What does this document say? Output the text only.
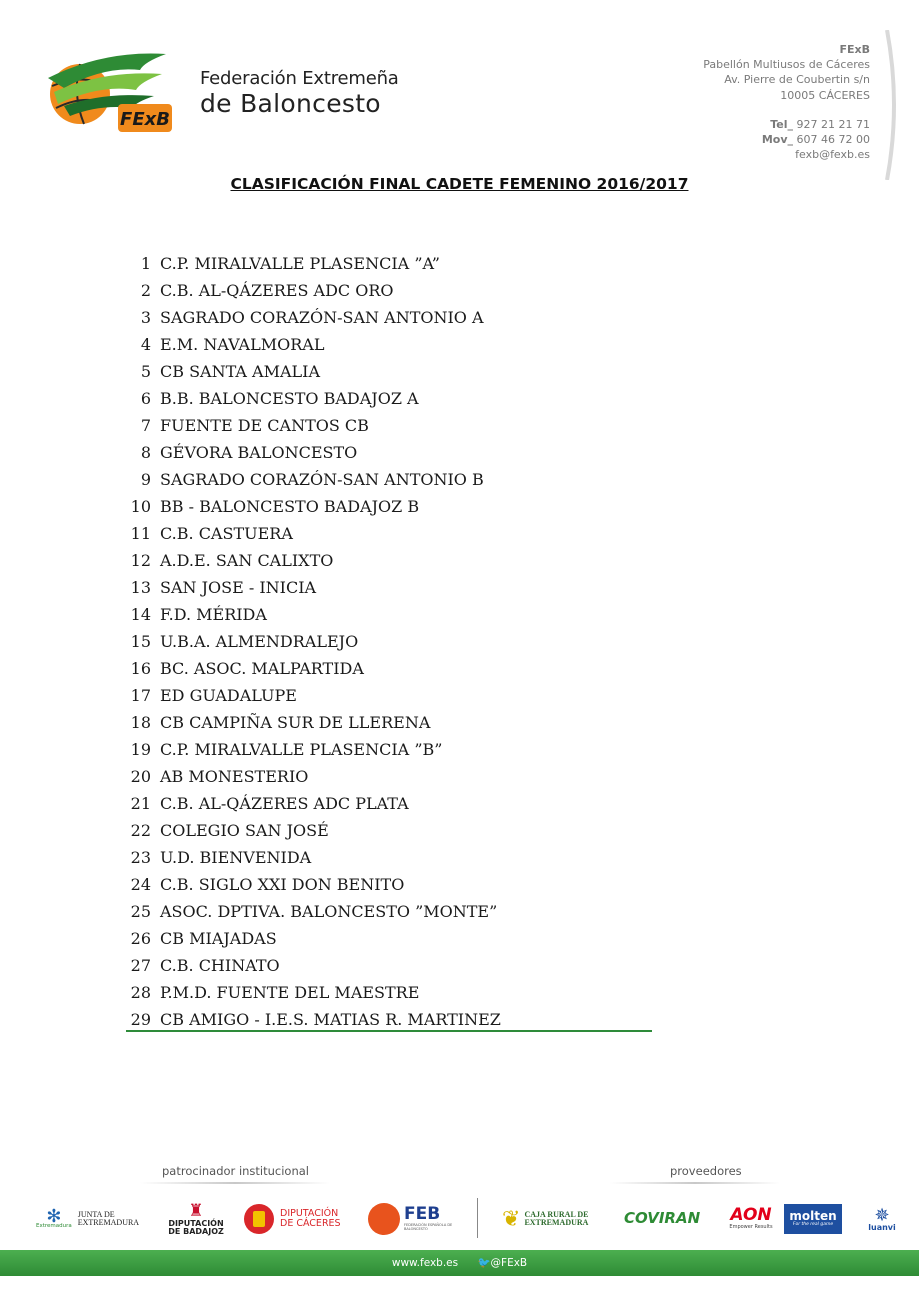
FExB
Federación Extremeña
de Baloncesto
FExB
Pabellón Multiusos de Cáceres
Av. Pierre de Coubertin s/n
10005 CÁCERES
Tel_ 927 21 21 71
Mov_ 607 46 72 00
fexb@fexb.es
CLASIFICACIÓN FINAL CADETE FEMENINO 2016/2017
1 C.P. MIRALVALLE PLASENCIA ”A”
2 C.B. AL-QÁZERES ADC ORO
3 SAGRADO CORAZÓN-SAN ANTONIO A
4 E.M. NAVALMORAL
5 CB SANTA AMALIA
6 B.B. BALONCESTO BADAJOZ A
7 FUENTE DE CANTOS CB
8 GÉVORA BALONCESTO
9 SAGRADO CORAZÓN-SAN ANTONIO B
10 BB - BALONCESTO BADAJOZ B
11 C.B. CASTUERA
12 A.D.E. SAN CALIXTO
13 SAN JOSE - INICIA
14 F.D. MÉRIDA
15 U.B.A. ALMENDRALEJO
16 BC. ASOC. MALPARTIDA
17 ED GUADALUPE
18 CB CAMPIÑA SUR DE LLERENA
19 C.P. MIRALVALLE PLASENCIA ”B”
20 AB MONESTERIO
21 C.B. AL-QÁZERES ADC PLATA
22 COLEGIO SAN JOSÉ
23 U.D. BIENVENIDA
24 C.B. SIGLO XXI DON BENITO
25 ASOC. DPTIVA. BALONCESTO ”MONTE”
26 CB MIAJADAS
27 C.B. CHINATO
28 P.M.D. FUENTE DEL MAESTRE
29 CB AMIGO - I.E.S. MATIAS R. MARTINEZ
patrocinador institucional	proveedores
✻
Extremadura
JUNTA DE EXTREMADURA
♜
DIPUTACIÓN
DE BADAJOZ
DIPUTACIÓN
DE CÁCERES	FEB
FEDERACIÓN ESPAÑOLA DE BALONCESTO	❦ CAJA RURAL DE
EXTREMADURA COVIRAN AON
Empower Results
molten
For the real game ✵
luanvi
www.fexb.es 🐦@FExB
